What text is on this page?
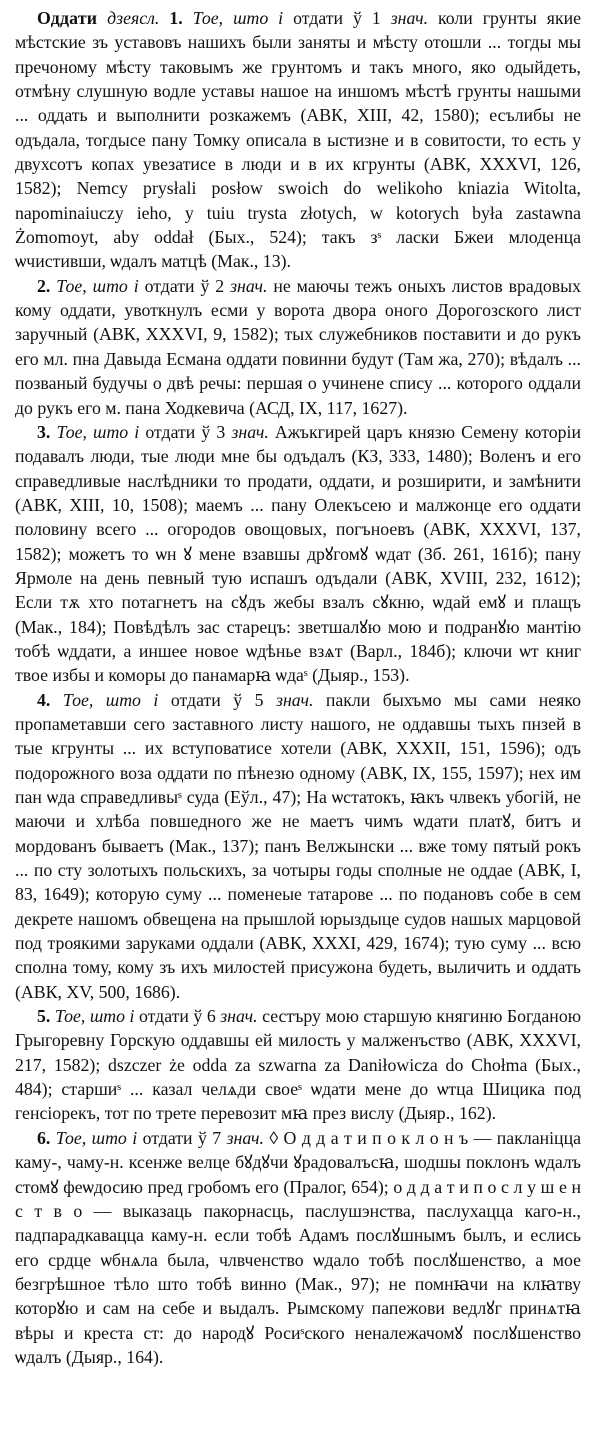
Оддати дзеясл. 1. Тое, што і отдати ў 1 знач. коли грунты якие мѣстские зъ уставовъ нашихъ были заняты и мѣсту отошли ... тогды мы пречоному мѣсту таковымъ же грунтомъ и такъ много, яко одыйдеть, отмѣну слушную водле уставы нашое на иншомъ мѣстѣ грунты нашыми ... оддать и выполнити розкажемъ (АВК, XIII, 42, 1580); есълибы не одъдала, тогдысе пану Томку описала в ыстизне и в совитости, то есть у двухсотъ копах увезатисе в люди и в их кгрунты (АВК, XXXVI, 126, 1582); Nemcy prysłali posłow swoich do welikoho kniazia Witolta, napominaiuczy ieho, y tuiu trysta złotych, w kotorych była zastawna Żomomoyt, aby oddał (Бых., 524); такъ зˢ ласки Бжеи млоденца ѡчистивши, ѡдалъ матцѣ (Мак., 13).

2. Тое, што і отдати ў 2 знач. не маючы тежъ оныхъ листов врадовых кому оддати, увоткнулъ есми у ворота двора оного Дорогозского лист заручный (АВК, XXXVI, 9, 1582); тых служебников поставити и до рукъ его мл. пна Давыда Есмана оддати повинни будут (Там жа, 270); вѣдалъ ... позваный будучы о двѣ речы: першая о учинене спису ... которого оддали до рукъ его м. пана Ходкевича (АСД, IX, 117, 1627).

3. Тое, што і отдати ў 3 знач. Ажъкгирей царъ князю Семену которiи подавалъ люди, тые люди мне бы одъдалъ (КЗ, 333, 1480); Воленъ и его справедливые наслѣдники то продати, оддати, и розширити, и замѣнити (АВК, XIII, 10, 1508); маемъ ... пану Олекъсею и малжонце его оддати половину всего ... огородов овощовых, погъноевъ (АВК, XXXVI, 137, 1582); можетъ то ѡн ꙋ мене взавшы дрꙋгомꙋ ѡдат (Зб. 261, 161б); пану Ярмоле на день певный тую испашъ одъдали (АВК, XVIII, 232, 1612); Если тѫ хто потагнетъ на сꙋдъ жебы взалъ сꙋкню, ѡдай емꙋ и плащъ (Мак., 184); Повѣдѣлъ зас старецъ: зветшалꙋю мою и подранꙋю мантiю тобѣ ѡддати, а иншее новое ѡдѣнье взѧт (Варл., 184б); ключи ѡт книг твое избы и коморы до панамарꙗ ѡдаˢ (Дыяр., 153).

4. Тое, што і отдати ў 5 знач. пакли быхъмо мы сами неяко пропаметавши сего заставного листу нашого, не оддавшы тыхъ пнзей в тые кгрунты ... их вступоватисе хотели (АВК, XXXII, 151, 1596); одъ подорожного воза оддати по пѣнезю одному (АВК, IX, 155, 1597); нех им пан ѡда справедливыˢ суда (Еўл., 47); На ѡстатокъ, ꙗкъ члвекъ убогій, не маючи и хлѣба повшедного же не маетъ чимъ ѡдати платꙋ, битъ и мордованъ бываетъ (Мак., 137); панъ Велжынски ... вже тому пятый рокъ ... по сту золотыхъ польскихъ, за чотыры годы сполные не оддае (АВК, I, 83, 1649); которую суму ... поменеые татарове ... по подановъ собе в сем декрете нашомъ обвещена на прышлой юрыздыце судов нашых марцовой под троякими заруками оддали (АВК, XXXI, 429, 1674); тую суму ... всю сполна тому, кому зъ ихъ милостей присужона будеть, выличить и оддать (АВК, XV, 500, 1686).

5. Тое, што і отдати ў 6 знач. сестъру мою старшую княгиню Богданою Грыгоревну Горскую оддавшы ей милость у малженъство (АВК, XXXVI, 217, 1582); dszczer że odda za szwarna za Daniłowicza do Chołma (Бых., 484); старшиˢ ... казал челѧди своеˢ ѡдати мене до ѡтца Шицика под генсiорекъ, тот по трете перевозит мꙗ през вислу (Дыяр., 162).

6. Тое, што і отдати ў 7 знач. ◊ О д д а т и п о к л о н ъ — пакланіцца каму-, чаму-н. ксенже велце бꙋдꙋчи ꙋрадовалъсꙗ, шодшы поклонъ ѡдалъ стомꙋ феѡдосию пред гробомъ его (Пралог, 654); о д д а т и п о с л у ш е н с т в о — выказаць пакорнасць, паслушэнства, паслухацца каго-н., падпарадкавацца каму-н. если тобѣ Адамъ послꙋшнымъ былъ, и еслись его срдце ѡбнѧла была, члвченство ѡдало тобѣ послꙋшенство, а мое безгрѣшное тѣло што тобѣ винно (Мак., 97); не помнꙗчи на клꙗтву которꙋю и сам на себе и выдалъ. Рымскому папежови ведлꙋг принѧтꙗ вѣры и креста ст: до народꙋ Росиˢского неналежачомꙋ послꙋшенство ѡдалъ (Дыяр., 164).
